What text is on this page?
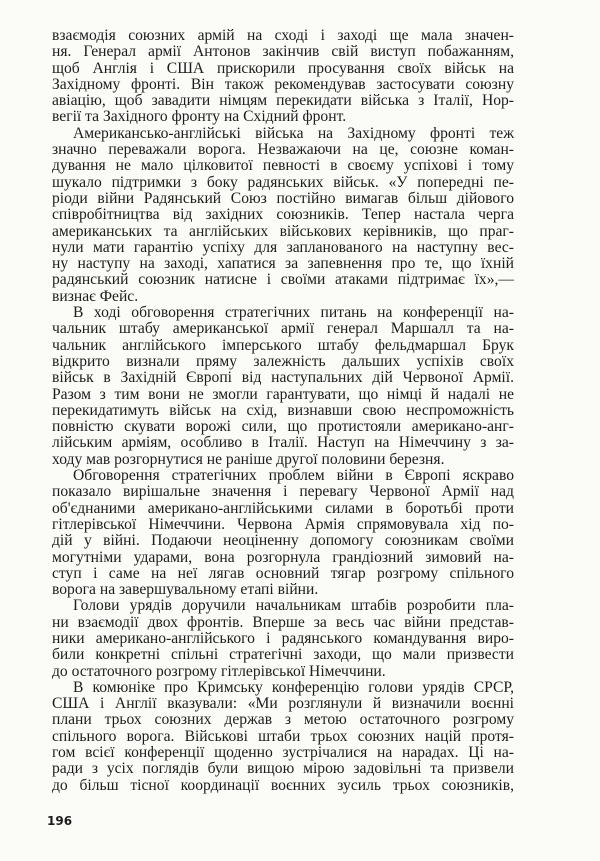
взаємодія союзних армій на сході і заході ще мала значен-
ня. Генерал армії Антонов закінчив свій виступ побажанням,
щоб Англія і США прискорили просування своїх військ на
Західному фронті. Він також рекомендував застосувати союзну
авіацію, щоб завадити німцям перекидати війська з Італії, Нор-
вегії та Західного фронту на Східний фронт.
Американсько-англійські війська на Західному фронті теж
значно переважали ворога. Незважаючи на це, союзне коман-
дування не мало цілковитої певності в своєму успіхові і тому
шукало підтримки з боку радянських військ. «У попередні пе-
ріоди війни Радянський Союз постійно вимагав більш дійового
співробітництва від західних союзників. Тепер настала черга
американських та англійських військових керівників, що праг-
нули мати гарантію успіху для запланованого на наступну вес-
ну наступу на заході, хапатися за запевнення про те, що їхній
радянський союзник натисне і своїми атаками підтримає їх»,—
визнає Фейс.
В ході обговорення стратегічних питань на конференції на-
чальник штабу американської армії генерал Маршалл та на-
чальник англійського імперського штабу фельдмаршал Брук
відкрито визнали пряму залежність дальших успіхів своїх
військ в Західній Європі від наступальних дій Червоної Армії.
Разом з тим вони не змогли гарантувати, що німці й надалі не
перекидатимуть військ на схід, визнавши свою неспроможність
повністю скувати ворожі сили, що протистояли американо-анг-
лійським арміям, особливо в Італії. Наступ на Німеччину з за-
ходу мав розгорнутися не раніше другої половини березня.
Обговорення стратегічних проблем війни в Європі яскраво
показало вирішальне значення і перевагу Червоної Армії над
об'єднаними американо-англійськими силами в боротьбі проти
гітлерівської Німеччини. Червона Армія спрямовувала хід по-
дій у війні. Подаючи неоціненну допомогу союзникам своїми
могутніми ударами, вона розгорнула грандіозний зимовий на-
ступ і саме на неї лягав основний тягар розгрому спільного
ворога на завершувальному етапі війни.
Голови урядів доручили начальникам штабів розробити пла-
ни взаємодії двох фронтів. Вперше за весь час війни представ-
ники американо-англійського і радянського командування виро-
били конкретні спільні стратегічні заходи, що мали призвести
до остаточного розгрому гітлерівської Німеччини.
В комюніке про Кримську конференцію голови урядів СРСР,
США і Англії вказували: «Ми розглянули й визначили воєнні
плани трьох союзних держав з метою остаточного розгрому
спільного ворога. Військові штаби трьох союзних націй протя-
гом всієї конференції щоденно зустрічалися на нарадах. Ці на-
ради з усіх поглядів були вищою мірою задовільні та призвели
до більш тісної координації воєнних зусиль трьох союзників,
196
